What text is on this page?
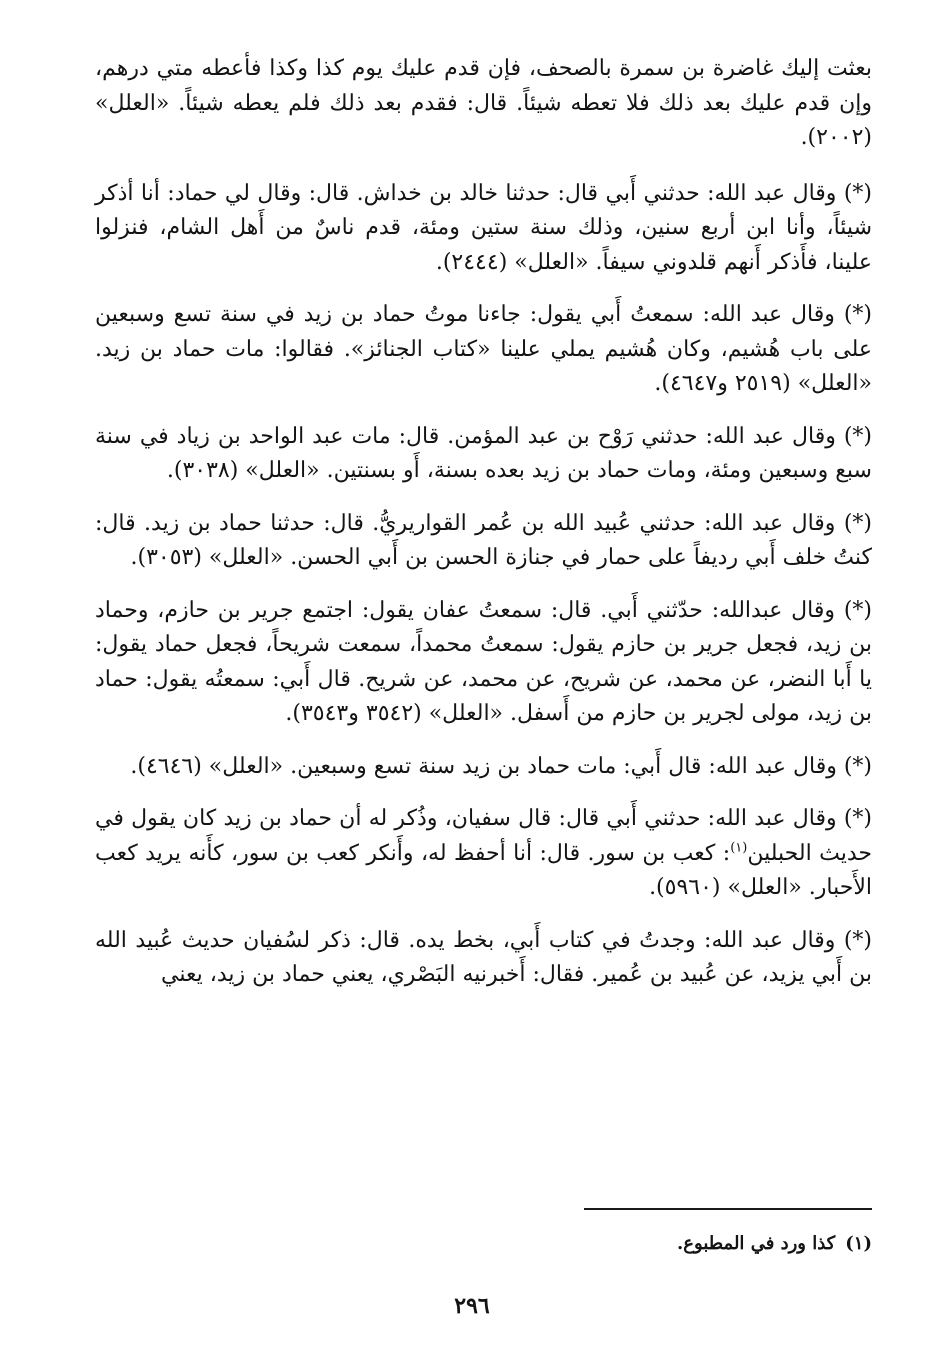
بعثت إليك غاضرة بن سمرة بالصحف، فإن قدم عليك يوم كذا وكذا فأعطه متي درهم، وإن قدم عليك بعد ذلك فلا تعطه شيئاً. قال: فقدم بعد ذلك فلم يعطه شيئاً. «العلل» (٢٠٠٢).

(*) وقال عبد الله: حدثني أَبي قال: حدثنا خالد بن خداش. قال: وقال لي حماد: أنا أذكر شيئاً، وأنا ابن أربع سنين، وذلك سنة ستين ومئة، قدم ناسٌ من أَهل الشام، فنزلوا علينا، فأَذكر أَنهم قلدوني سيفاً. «العلل» (٢٤٤٤).

(*) وقال عبد الله: سمعتُ أَبي يقول: جاءنا موتُ حماد بن زيد في سنة تسع وسبعين على باب هُشيم، وكان هُشيم يملي علينا «كتاب الجنائز». فقالوا: مات حماد بن زيد. «العلل» (٢٥١٩ و٤٦٤٧).

(*) وقال عبد الله: حدثني رَوْح بن عبد المؤمن. قال: مات عبد الواحد بن زياد في سنة سبع وسبعين ومئة، ومات حماد بن زيد بعده بسنة، أَو بسنتين. «العلل» (٣٠٣٨).

(*) وقال عبد الله: حدثني عُبيد الله بن عُمر القواريريُّ. قال: حدثنا حماد بن زيد. قال: كنتُ خلف أَبي رديفاً على حمار في جنازة الحسن بن أَبي الحسن. «العلل» (٣٠٥٣).

(*) وقال عبدالله: حدّثني أَبي. قال: سمعتُ عفان يقول: اجتمع جرير بن حازم، وحماد بن زيد، فجعل جرير بن حازم يقول: سمعتُ محمداً، سمعت شريحاً، فجعل حماد يقول: يا أَبا النضر، عن محمد، عن شريح، عن محمد، عن شريح. قال أَبي: سمعتُه يقول: حماد بن زيد، مولى لجرير بن حازم من أَسفل. «العلل» (٣٥٤٢ و٣٥٤٣).

(*) وقال عبد الله: قال أَبي: مات حماد بن زيد سنة تسع وسبعين. «العلل» (٤٦٤٦).

(*) وقال عبد الله: حدثني أَبي قال: قال سفيان، وذُكر له أن حماد بن زيد كان يقول في حديث الحبلين$^{(١)}$: كعب بن سور. قال: أنا أحفظ له، وأَنكر كعب بن سور، كأَنه يريد كعب الأَحبار. «العلل» (٥٩٦٠).

(*) وقال عبد الله: وجدتُ في كتاب أَبي، بخط يده. قال: ذكر لسُفيان حديث عُبيد الله بن أَبي يزيد، عن عُبيد بن عُمير. فقال: أَخبرنيه البَصْري، يعني حماد بن زيد، يعني

(١)كذا ورد في المطبوع.
٢٩٦
